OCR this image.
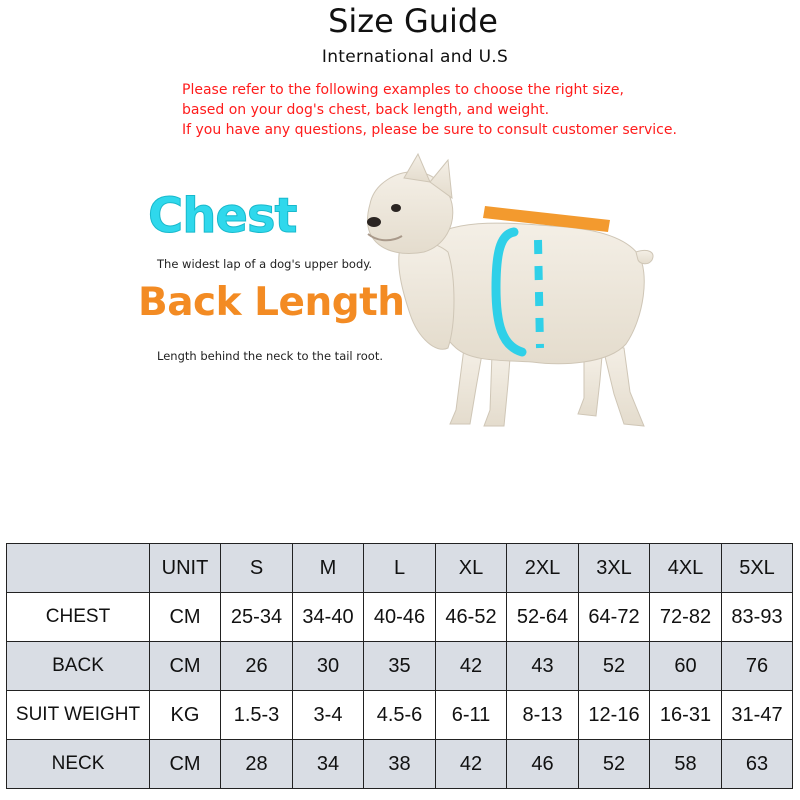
Size Guide
International and U.S
Please refer to the following examples to choose the right size,
based on your dog's chest, back length, and weight.
If you have any questions, please be sure to consult customer service.
Chest
The widest lap of a dog's upper body.
Back Length
Length behind the neck to the tail root.
	UNIT	S	M	L	XL	2XL	3XL	4XL	5XL
CHEST	CM	25-34	34-40	40-46	46-52	52-64	64-72	72-82	83-93
BACK	CM	26	30	35	42	43	52	60	76
SUIT WEIGHT	KG	1.5-3	3-4	4.5-6	6-11	8-13	12-16	16-31	31-47
NECK	CM	28	34	38	42	46	52	58	63
